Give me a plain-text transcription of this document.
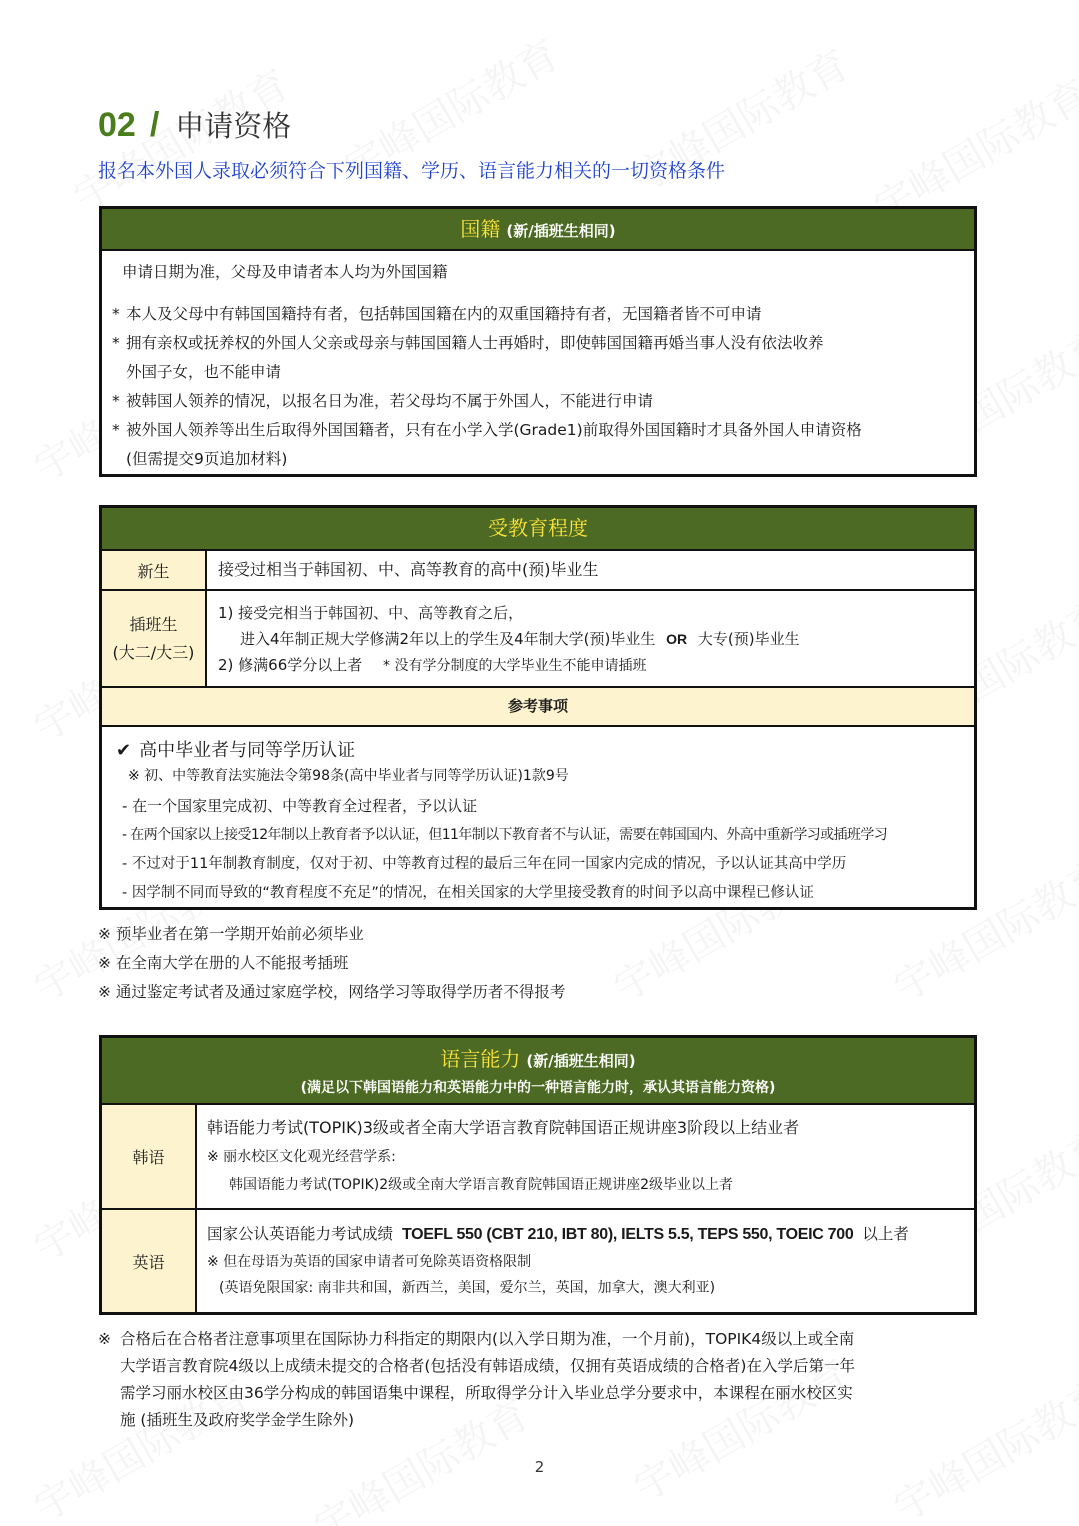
02 / 申请资格
报名本外国人录取必须符合下列国籍、学历、语言能力相关的一切资格条件
国籍 (新/插班生相同)
申请日期为准，父母及申请者本人均为外国国籍
* 本人及父母中有韩国国籍持有者，包括韩国国籍在内的双重国籍持有者，无国籍者皆不可申请
* 拥有亲权或抚养权的外国人父亲或母亲与韩国国籍人士再婚时，即使韩国国籍再婚当事人没有依法收养
外国子女，也不能申请
* 被韩国人领养的情况，以报名日为准，若父母均不属于外国人，不能进行申请
* 被外国人领养等出生后取得外国国籍者，只有在小学入学(Grade1)前取得外国国籍时才具备外国人申请资格
(但需提交9页追加材料)
受教育程度
新生	接受过相当于韩国初、中、高等教育的高中(预)毕业生
插班生
(大二/大三)
1) 接受完相当于韩国初、中、高等教育之后，
进入4年制正规大学修满2年以上的学生及4年制大学(预)毕业生 OR 大专(预)毕业生
2) 修满66学分以上者 * 没有学分制度的大学毕业生不能申请插班
参考事项
✔ 高中毕业者与同等学历认证
※ 初、中等教育法实施法令第98条(高中毕业者与同等学历认证)1款9号
- 在一个国家里完成初、中等教育全过程者，予以认证
- 在两个国家以上接受12年制以上教育者予以认证，但11年制以下教育者不与认证，需要在韩国国内、外高中重新学习或插班学习
- 不过对于11年制教育制度，仅对于初、中等教育过程的最后三年在同一国家内完成的情况，予以认证其高中学历
- 因学制不同而导致的“教育程度不充足”的情况，在相关国家的大学里接受教育的时间予以高中课程已修认证
※ 预毕业者在第一学期开始前必须毕业
※ 在全南大学在册的人不能报考插班
※ 通过鉴定考试者及通过家庭学校，网络学习等取得学历者不得报考
语言能力 (新/插班生相同)
(满足以下韩国语能力和英语能力中的一种语言能力时，承认其语言能力资格)
韩语
韩语能力考试(TOPIK)3级或者全南大学语言教育院韩国语正规讲座3阶段以上结业者
※ 丽水校区文化观光经营学系:
韩国语能力考试(TOPIK)2级或全南大学语言教育院韩国语正规讲座2级毕业以上者
英语
国家公认英语能力考试成绩 TOEFL 550 (CBT 210, IBT 80), IELTS 5.5, TEPS 550, TOEIC 700 以上者
※ 但在母语为英语的国家申请者可免除英语资格限制
(英语免限国家: 南非共和国，新西兰，美国，爱尔兰，英国，加拿大，澳大利亚)
※ 合格后在合格者注意事项里在国际协力科指定的期限内(以入学日期为准，一个月前)，TOPIK4级以上或全南
大学语言教育院4级以上成绩未提交的合格者(包括没有韩语成绩，仅拥有英语成绩的合格者)在入学后第一年
需学习丽水校区由36学分构成的韩国语集中课程，所取得学分计入毕业总学分要求中，本课程在丽水校区实
施 (插班生及政府奖学金学生除外)
2
